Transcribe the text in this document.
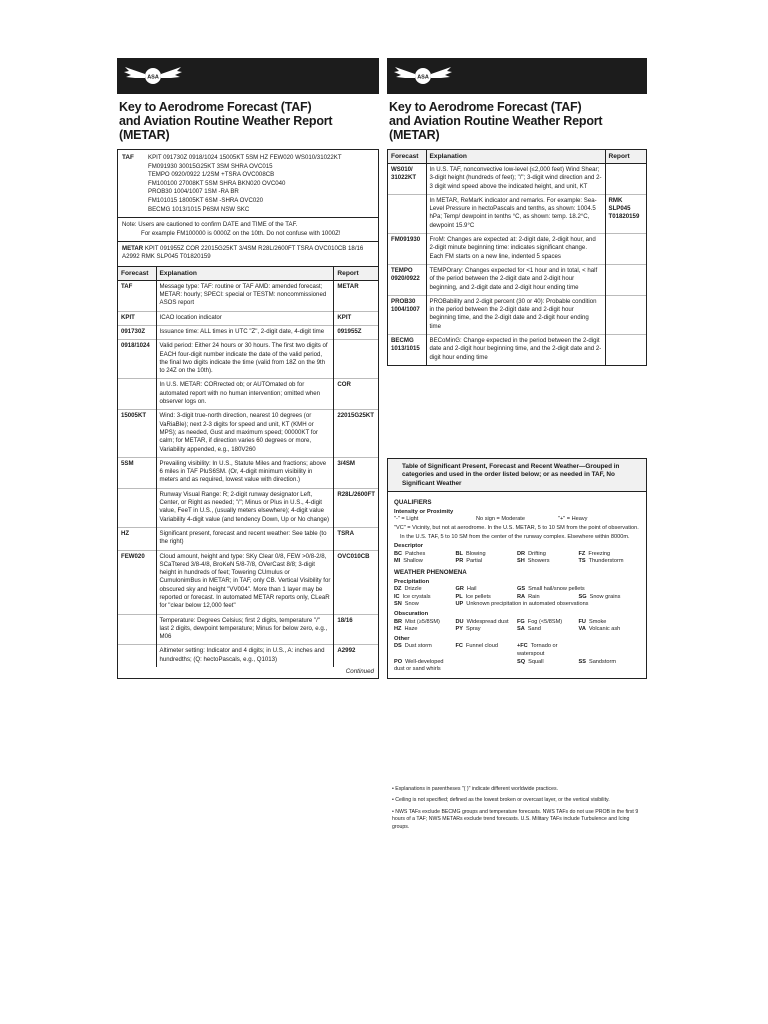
ASA
Key to Aerodrome Forecast (TAF)
and Aviation Routine Weather Report (METAR)
TAF	KPIT 091730Z 0918/1024 15005KT 5SM HZ FEW020 WS010/31022KT
FM091930 30015G25KT 3SM SHRA OVC015
TEMPO 0920/0922 1/2SM +TSRA OVC008CB
FM100100 27008KT 5SM SHRA BKN020 OVC040
PROB30 1004/1007 1SM -RA BR
FM101015 18005KT 6SM -SHRA OVC020
BECMG 1013/1015 P6SM NSW SKC
Note: Users are cautioned to confirm DATE and TIME of the TAF.
For example FM100000 is 0000Z on the 10th. Do not confuse with 1000Z!
METAR KPIT 091955Z COR 22015G25KT 3/4SM R28L/2600FT TSRA OVC010CB 18/16 A2992 RMK SLP045 T01820159
Forecast	Explanation	Report
TAF	Message type: TAF: routine or TAF AMD: amended forecast; METAR: hourly; SPECI: special or TESTM: noncommissioned ASOS report	METAR
KPIT	ICAO location indicator	KPIT
091730Z	Issuance time: ALL times in UTC "Z", 2-digit date, 4-digit time	091955Z
0918/1024	Valid period: Either 24 hours or 30 hours. The first two digits of EACH four-digit number indicate the date of the valid period, the final two digits indicate the time (valid from 18Z on the 9th to 24Z on the 10th).	
	In U.S. METAR: CORrected ob; or AUTOmated ob for automated report with no human intervention; omitted when observer logs on.	COR
15005KT	Wind: 3-digit true-north direction, nearest 10 degrees (or VaRiaBle); next 2-3 digits for speed and unit, KT (KMH or MPS); as needed, Gust and maximum speed; 00000KT for calm; for METAR, if direction varies 60 degrees or more, Variability appended, e.g., 180V260	22015G25KT
5SM	Prevailing visibility: In U.S., Statute Miles and fractions; above 6 miles in TAF PluS6SM. (Or, 4-digit minimum visibility in meters and as required, lowest value with direction.)	3/4SM
	Runway Visual Range: R; 2-digit runway designator Left, Center, or Right as needed; "/"; Minus or Plus in U.S., 4-digit value, FeeT in U.S., (usually meters elsewhere); 4-digit value Variability 4-digit value (and tendency Down, Up or No change)	R28L/2600FT
HZ	Significant present, forecast and recent weather: See table (to the right)	TSRA
FEW020	Cloud amount, height and type: SKy Clear 0/8, FEW >0/8-2/8, SCaTtered 3/8-4/8, BroKeN 5/8-7/8, OVerCast 8/8; 3-digit height in hundreds of feet; Towering CUmulus or CumulonimBus in METAR; in TAF, only CB. Vertical Visibility for obscured sky and height "VV004". More than 1 layer may be reported or forecast. In automated METAR reports only, CLeaR for "clear below 12,000 feet"	OVC010CB
	Temperature: Degrees Celsius; first 2 digits, temperature "/" last 2 digits, dewpoint temperature; Minus for below zero, e.g., M06	18/16
	Altimeter setting: Indicator and 4 digits; in U.S., A: inches and hundredths; (Q: hectoPascals, e.g., Q1013)	A2992
Continued
ASA
Key to Aerodrome Forecast (TAF)
and Aviation Routine Weather Report (METAR)
Forecast	Explanation	Report
WS010/ 31022KT	In U.S. TAF, nonconvective low-level (≤2,000 feet) Wind Shear; 3-digit height (hundreds of feet); "/"; 3-digit wind direction and 2-3 digit wind speed above the indicated height, and unit, KT	
	In METAR, ReMarK indicator and remarks. For example: Sea-Level Pressure in hectoPascals and tenths, as shown: 1004.5 hPa; Temp/ dewpoint in tenths °C, as shown: temp. 18.2°C, dewpoint 15.9°C	RMK SLP045 T01820159
FM091930	FroM: Changes are expected at: 2-digit date, 2-digit hour, and 2-digit minute beginning time: indicates significant change. Each FM starts on a new line, indented 5 spaces	
TEMPO 0920/0922	TEMPOrary: Changes expected for <1 hour and in total, < half of the period between the 2-digit date and 2-digit hour beginning, and 2-digit date and 2-digit hour ending time	
PROB30 1004/1007	PROBability and 2-digit percent (30 or 40): Probable condition in the period between the 2-digit date and 2-digit hour beginning time, and the 2-digit date and 2-digit hour ending time	
BECMG 1013/1015	BECoMinG: Change expected in the period between the 2-digit date and 2-digit hour beginning time, and the 2-digit date and 2-digit hour ending time	
Table of Significant Present, Forecast and Recent Weather—Grouped in categories and used in the order listed below; or as needed in TAF, No Significant Weather
QUALIFIERS
Intensity or Proximity
"-" = Light	No sign = Moderate	"+" = Heavy

"VC" = Vicinity, but not at aerodrome. In the U.S. METAR, 5 to 10 SM from the point of observation.

In the U.S. TAF, 5 to 10 SM from the center of the runway complex. Elsewhere within 8000m.

Descriptor
BC Patches	BL Blowing	DR Drifting	FZ Freezing
MI Shallow	PR Partial	SH Showers	TS Thunderstorm
WEATHER PHENOMENA
Precipitation
DZ Drizzle	GR Hail	GS Small hail/snow pellets
IC Ice crystals	PL Ice pellets	RA Rain	SG Snow grains
SN Snow	UP Unknown precipitation in automated observations
Obscuration
BR Mist (≥5/8SM)	DU Widespread dust	FG Fog (<5/8SM)	FU Smoke
HZ Haze	PY Spray	SA Sand	VA Volcanic ash
Other
DS Dust storm	FC Funnel cloud	+FC Tornado or waterspout
PO Well-developed dust or sand whirls
SQ Squall	SS Sandstorm

• Explanations in parentheses "( )" indicate different worldwide practices.

• Ceiling is not specified; defined as the lowest broken or overcast layer, or the vertical visibility.

• NWS TAFs exclude BECMG groups and temperature forecasts. NWS TAFs do not use PROB in the first 9 hours of a TAF; NWS METARs exclude trend forecasts. U.S. Military TAFs include Turbulence and Icing groups.
